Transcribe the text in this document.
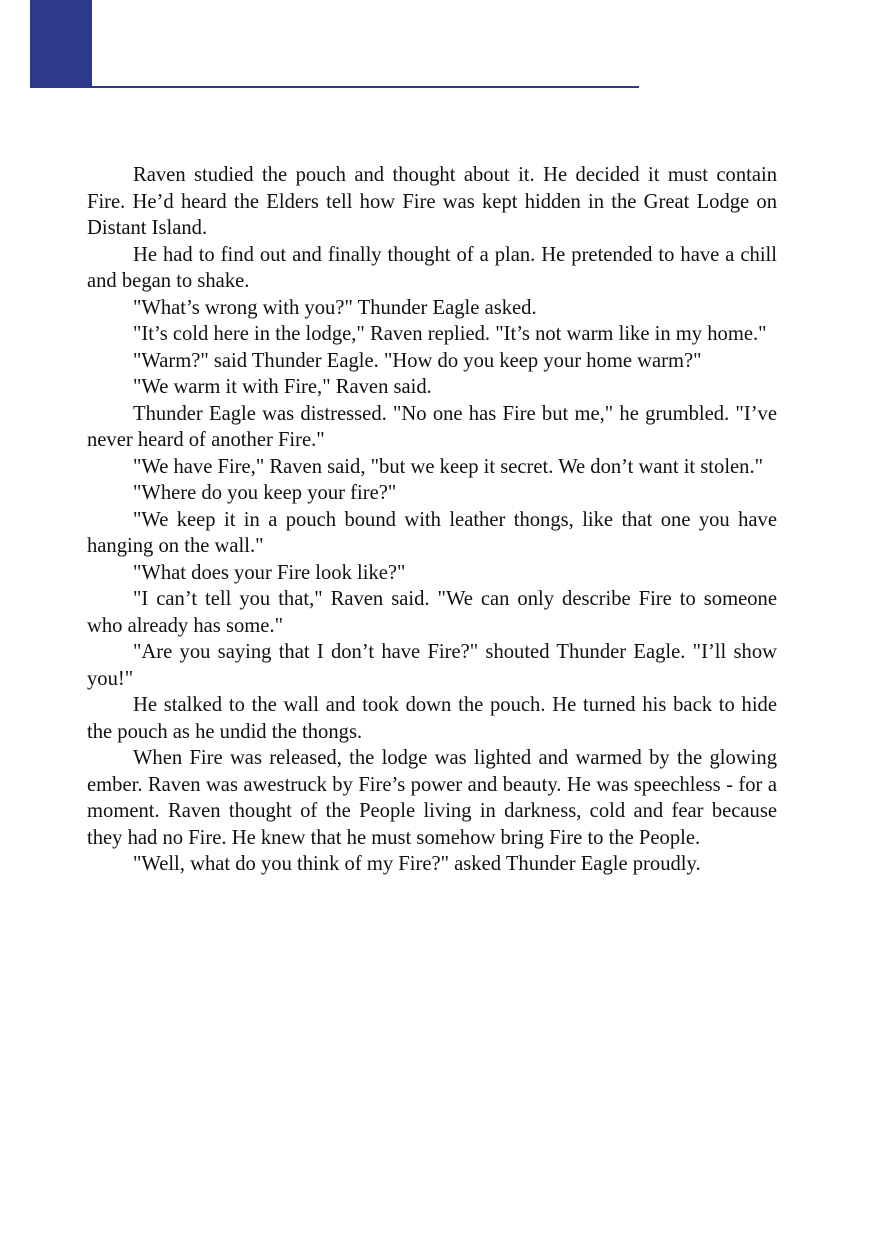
Raven studied the pouch and thought about it. He decided it must contain Fire. He’d heard the Elders tell how Fire was kept hidden in the Great Lodge on Distant Island.

He had to find out and finally thought of a plan. He pretended to have a chill and began to shake.

"What’s wrong with you?" Thunder Eagle asked.

"It’s cold here in the lodge," Raven replied. "It’s not warm like in my home."

"Warm?" said Thunder Eagle. "How do you keep your home warm?"

"We warm it with Fire," Raven said.

Thunder Eagle was distressed. "No one has Fire but me," he grumbled. "I’ve never heard of another Fire."

"We have Fire," Raven said, "but we keep it secret. We don’t want it stolen."

"Where do you keep your fire?"

"We keep it in a pouch bound with leather thongs, like that one you have hanging on the wall."

"What does your Fire look like?"

"I can’t tell you that," Raven said. "We can only describe Fire to someone who already has some."

"Are you saying that I don’t have Fire?" shouted Thunder Eagle. "I’ll show you!"

He stalked to the wall and took down the pouch. He turned his back to hide the pouch as he undid the thongs.

When Fire was released, the lodge was lighted and warmed by the glowing ember. Raven was awestruck by Fire’s power and beauty. He was speechless - for a moment. Raven thought of the People living in darkness, cold and fear because they had no Fire. He knew that he must somehow bring Fire to the People.

"Well, what do you think of my Fire?" asked Thunder Eagle proudly.
